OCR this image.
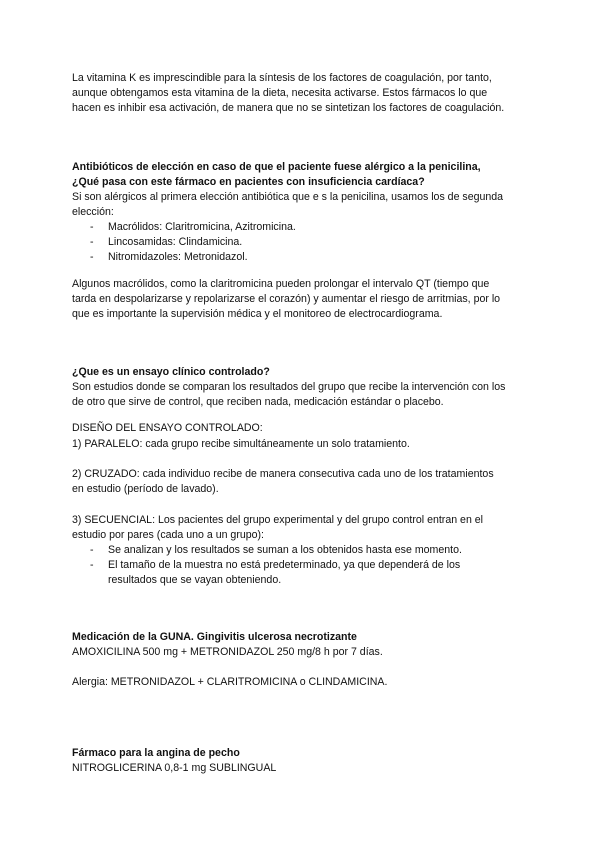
La vitamina K es imprescindible para la síntesis de los factores de coagulación, por tanto,

aunque obtengamos esta vitamina de la dieta, necesita activarse. Estos fármacos lo que

hacen es inhibir esa activación, de manera que no se sintetizan los factores de coagulación.

Antibióticos de elección en caso de que el paciente fuese alérgico a la penicilina,

¿Qué pasa con este fármaco en pacientes con insuficiencia cardíaca?

Si son alérgicos al primera elección antibiótica que e s la penicilina, usamos los de segunda

elección:

- Macrólidos: Claritromicina, Azitromicina.
- Lincosamidas: Clindamicina.
- Nitromidazoles: Metronidazol.

Algunos macrólidos, como la claritromicina pueden prolongar el intervalo QT (tiempo que

tarda en despolarizarse y repolarizarse el corazón) y aumentar el riesgo de arritmias, por lo

que es importante la supervisión médica y el monitoreo de electrocardiograma.

¿Que es un ensayo clínico controlado?

Son estudios donde se comparan los resultados del grupo que recibe la intervención con los

de otro que sirve de control, que reciben nada, medicación estándar o placebo.

DISEÑO DEL ENSAYO CONTROLADO:

1) PARALELO: cada grupo recibe simultáneamente un solo tratamiento.

2) CRUZADO: cada individuo recibe de manera consecutiva cada uno de los tratamientos

en estudio (período de lavado).

3) SECUENCIAL: Los pacientes del grupo experimental y del grupo control entran en el

estudio por pares (cada uno a un grupo):

- Se analizan y los resultados se suman a los obtenidos hasta ese momento.
- El tamaño de la muestra no está predeterminado, ya que dependerá de los
resultados que se vayan obteniendo.

Medicación de la GUNA. Gingivitis ulcerosa necrotizante

AMOXICILINA 500 mg + METRONIDAZOL 250 mg/8 h por 7 días.

Alergia: METRONIDAZOL + CLARITROMICINA o CLINDAMICINA.

Fármaco para la angina de pecho

NITROGLICERINA 0,8-1 mg SUBLINGUAL
